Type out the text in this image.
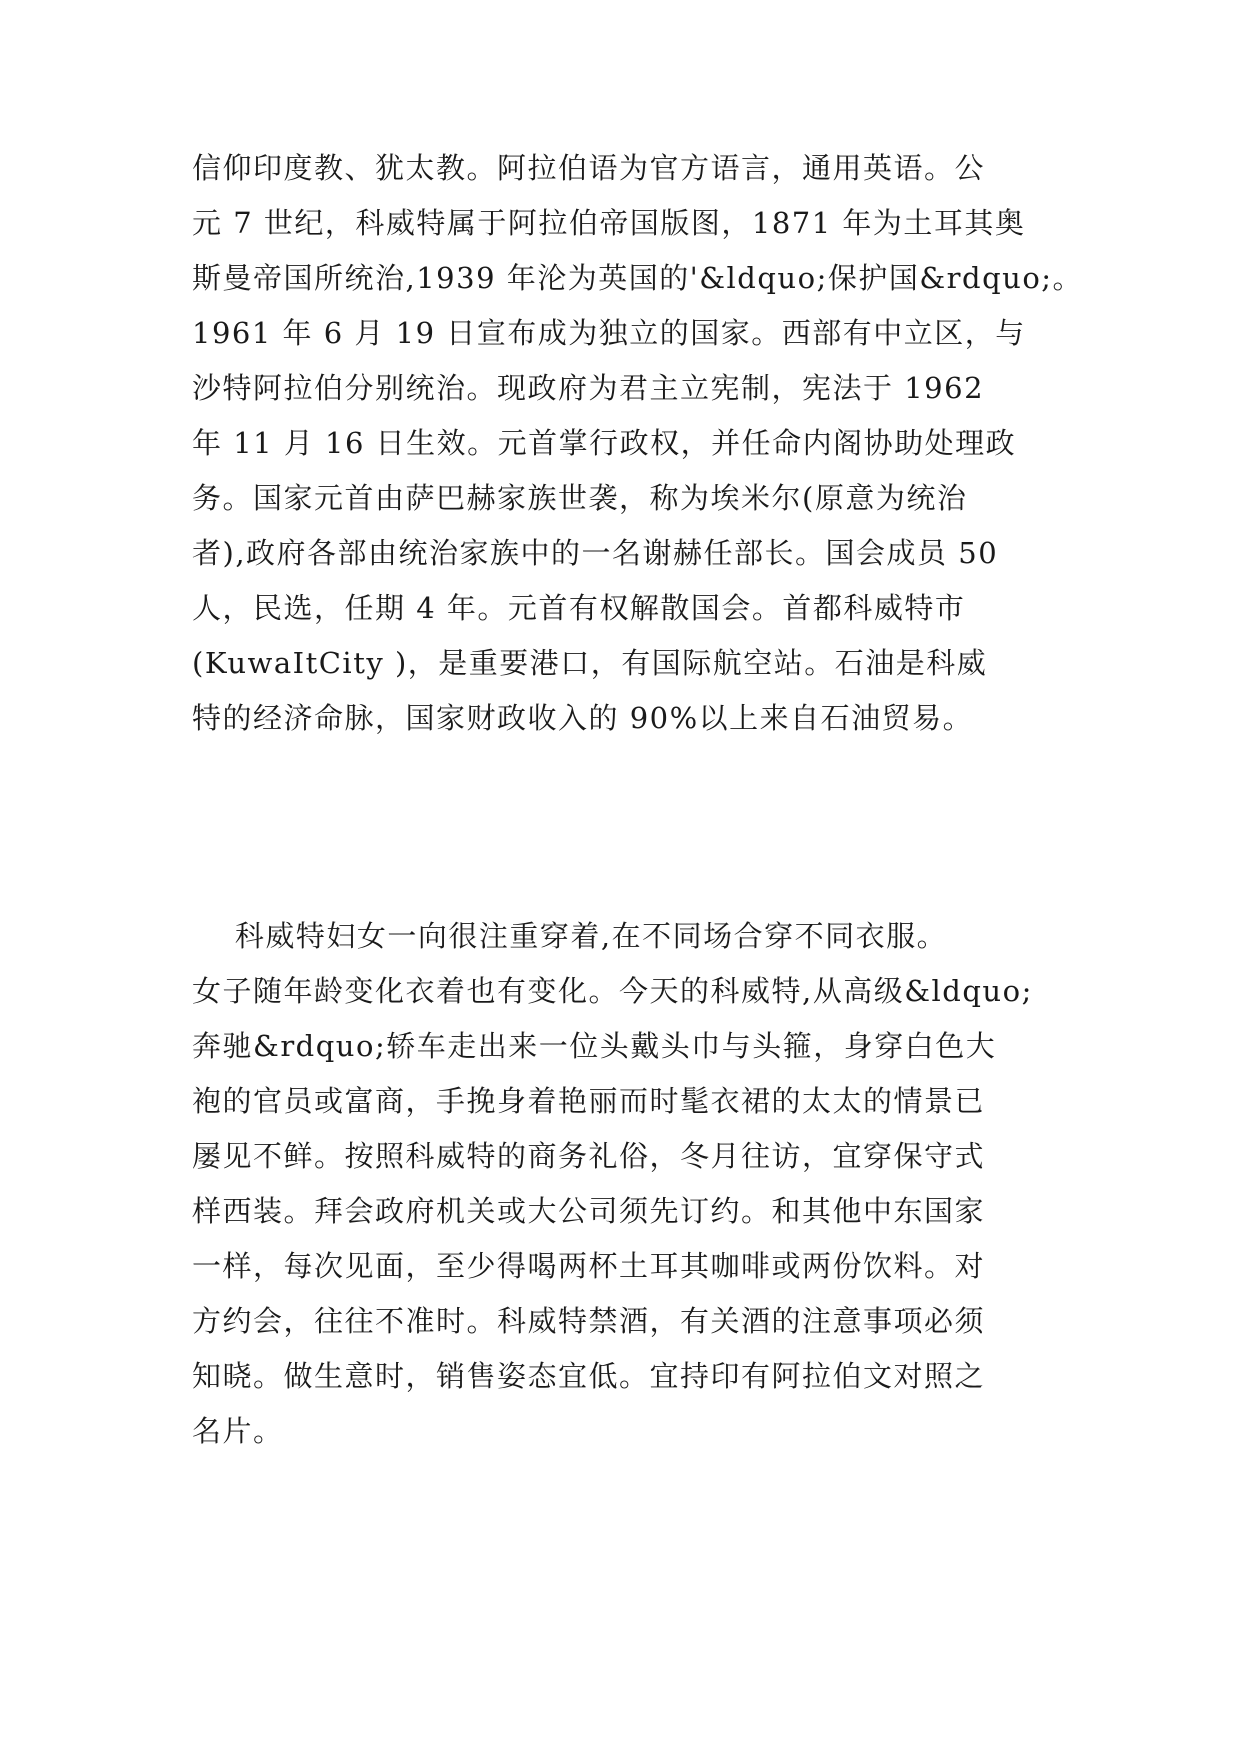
信仰印度教、犹太教。阿拉伯语为官方语言，通用英语。公
元 7 世纪，科威特属于阿拉伯帝国版图，1871 年为土耳其奥
斯曼帝国所统治,1939 年沦为英国的'&ldquo;保护国&rdquo;。
1961 年 6 月 19 日宣布成为独立的国家。西部有中立区，与
沙特阿拉伯分别统治。现政府为君主立宪制，宪法于 1962
年 11 月 16 日生效。元首掌行政权，并任命内阁协助处理政
务。国家元首由萨巴赫家族世袭，称为埃米尔(原意为统治
者),政府各部由统治家族中的一名谢赫任部长。国会成员 50
人，民选，任期 4 年。元首有权解散国会。首都科威特市
(KuwaItCity )，是重要港口，有国际航空站。石油是科威
特的经济命脉，国家财政收入的 90%以上来自石油贸易。
科威特妇女一向很注重穿着,在不同场合穿不同衣服。
女子随年龄变化衣着也有变化。今天的科威特,从高级&ldquo;
奔驰&rdquo;轿车走出来一位头戴头巾与头箍，身穿白色大
袍的官员或富商，手挽身着艳丽而时髦衣裙的太太的情景已
屡见不鲜。按照科威特的商务礼俗，冬月往访，宜穿保守式
样西装。拜会政府机关或大公司须先订约。和其他中东国家
一样，每次见面，至少得喝两杯土耳其咖啡或两份饮料。对
方约会，往往不准时。科威特禁酒，有关酒的注意事项必须
知晓。做生意时，销售姿态宜低。宜持印有阿拉伯文对照之
名片。
